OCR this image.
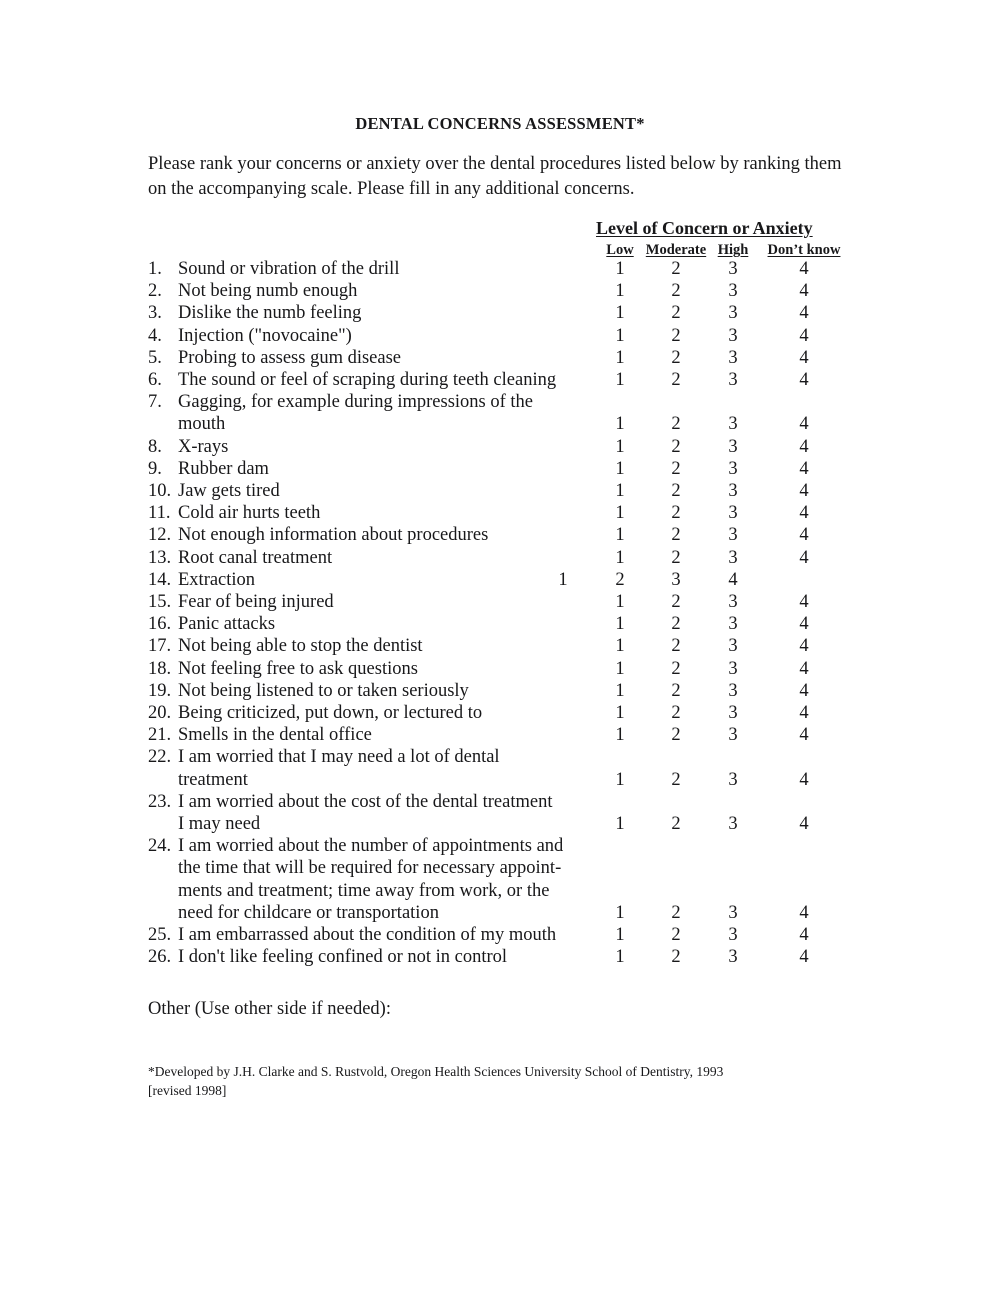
DENTAL CONCERNS ASSESSMENT*
Please rank your concerns or anxiety over the dental procedures listed below by ranking them
on the accompanying scale. Please fill in any additional concerns.
Level of Concern or Anxiety
Low Moderate High Don’t know
1. Sound or vibration of the drill	1	2	3	4
2. Not being numb enough	1	2	3	4
3. Dislike the numb feeling	1	2	3	4
4. Injection ("novocaine")	1	2	3	4
5. Probing to assess gum disease	1	2	3	4
6. The sound or feel of scraping during teeth cleaning	1	2	3	4
7. Gagging, for example during impressions of the
mouth	1	2	3	4
8. X-rays	1	2	3	4
9. Rubber dam	1	2	3	4
10. Jaw gets tired	1	2	3	4
11. Cold air hurts teeth	1	2	3	4
12. Not enough information about procedures	1	2	3	4
13. Root canal treatment	1	2	3	4
14. Extraction	1	2	3	4
15. Fear of being injured	1	2	3	4
16. Panic attacks	1	2	3	4
17. Not being able to stop the dentist	1	2	3	4
18. Not feeling free to ask questions	1	2	3	4
19. Not being listened to or taken seriously	1	2	3	4
20. Being criticized, put down, or lectured to	1	2	3	4
21. Smells in the dental office	1	2	3	4
22. I am worried that I may need a lot of dental
treatment	1	2	3	4
23. I am worried about the cost of the dental treatment
I may need	1	2	3	4
24. I am worried about the number of appointments and
the time that will be required for necessary appoint-
ments and treatment; time away from work, or the
need for childcare or transportation	1	2	3	4
25. I am embarrassed about the condition of my mouth	1	2	3	4
26. I don't like feeling confined or not in control	1	2	3	4
Other (Use other side if needed):
*Developed by J.H. Clarke and S. Rustvold, Oregon Health Sciences University School of Dentistry, 1993
[revised 1998]
